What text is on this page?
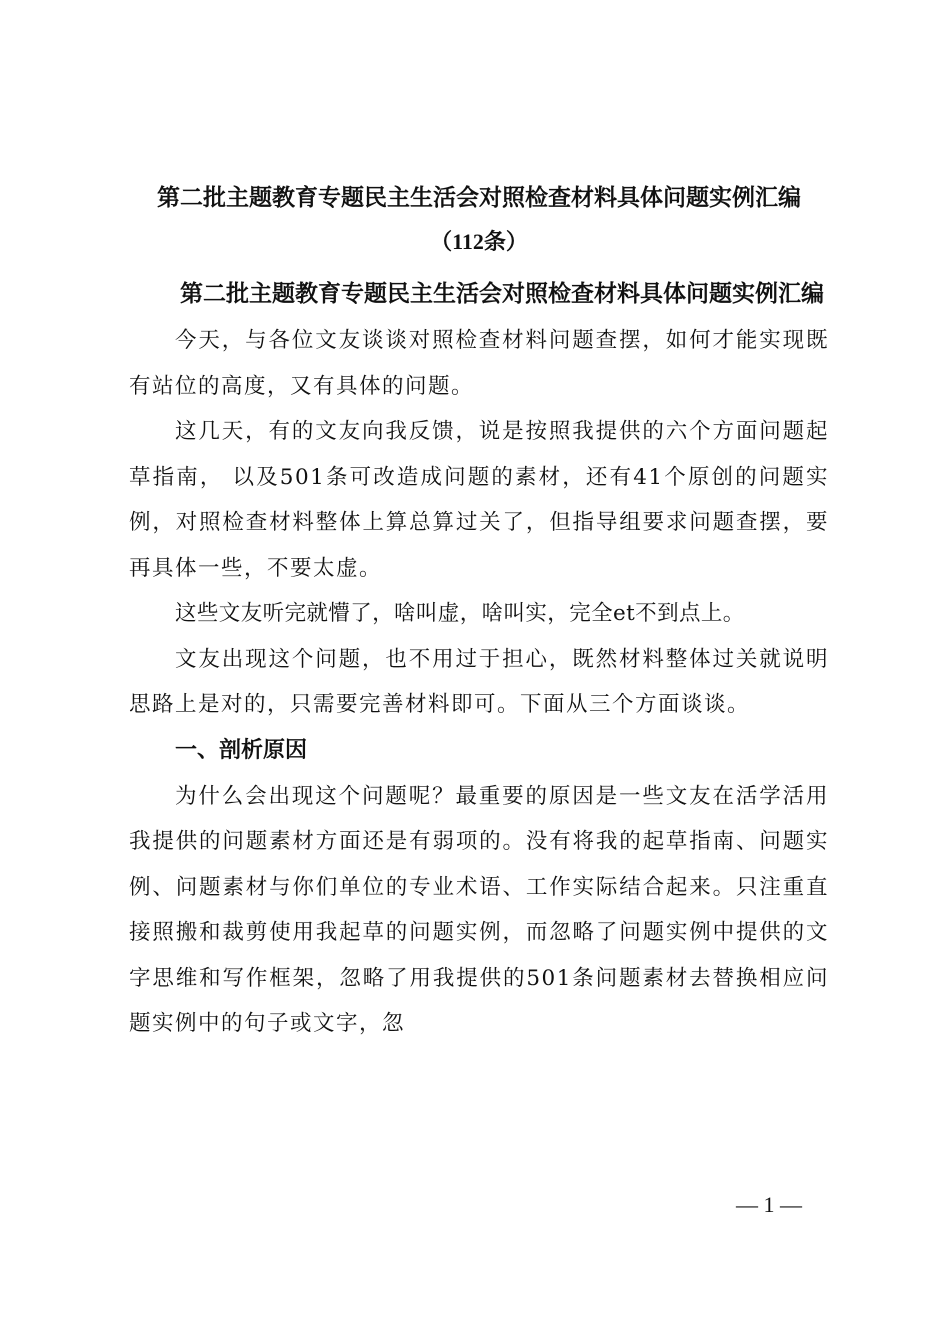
第二批主题教育专题民主生活会对照检查材料具体问题实例汇编
（112条）
第二批主题教育专题民主生活会对照检查材料具体问题实例汇编

今天，与各位文友谈谈对照检查材料问题查摆，如何才能实现既有站位的高度，又有具体的问题。

这几天，有的文友向我反馈，说是按照我提供的六个方面问题起草指南， 以及501条可改造成问题的素材，还有41个原创的问题实例，对照检查材料整体上算总算过关了，但指导组要求问题查摆，要再具体一些，不要太虚。

这些文友听完就懵了，啥叫虚，啥叫实，完全et不到点上。

文友出现这个问题，也不用过于担心，既然材料整体过关就说明思路上是对的，只需要完善材料即可。下面从三个方面谈谈。

一、剖析原因

为什么会出现这个问题呢？最重要的原因是一些文友在活学活用我提供的问题素材方面还是有弱项的。没有将我的起草指南、问题实例、问题素材与你们单位的专业术语、工作实际结合起来。只注重直接照搬和裁剪使用我起草的问题实例，而忽略了问题实例中提供的文字思维和写作框架，忽略了用我提供的501条问题素材去替换相应问题实例中的句子或文字，忽

— 1 —
